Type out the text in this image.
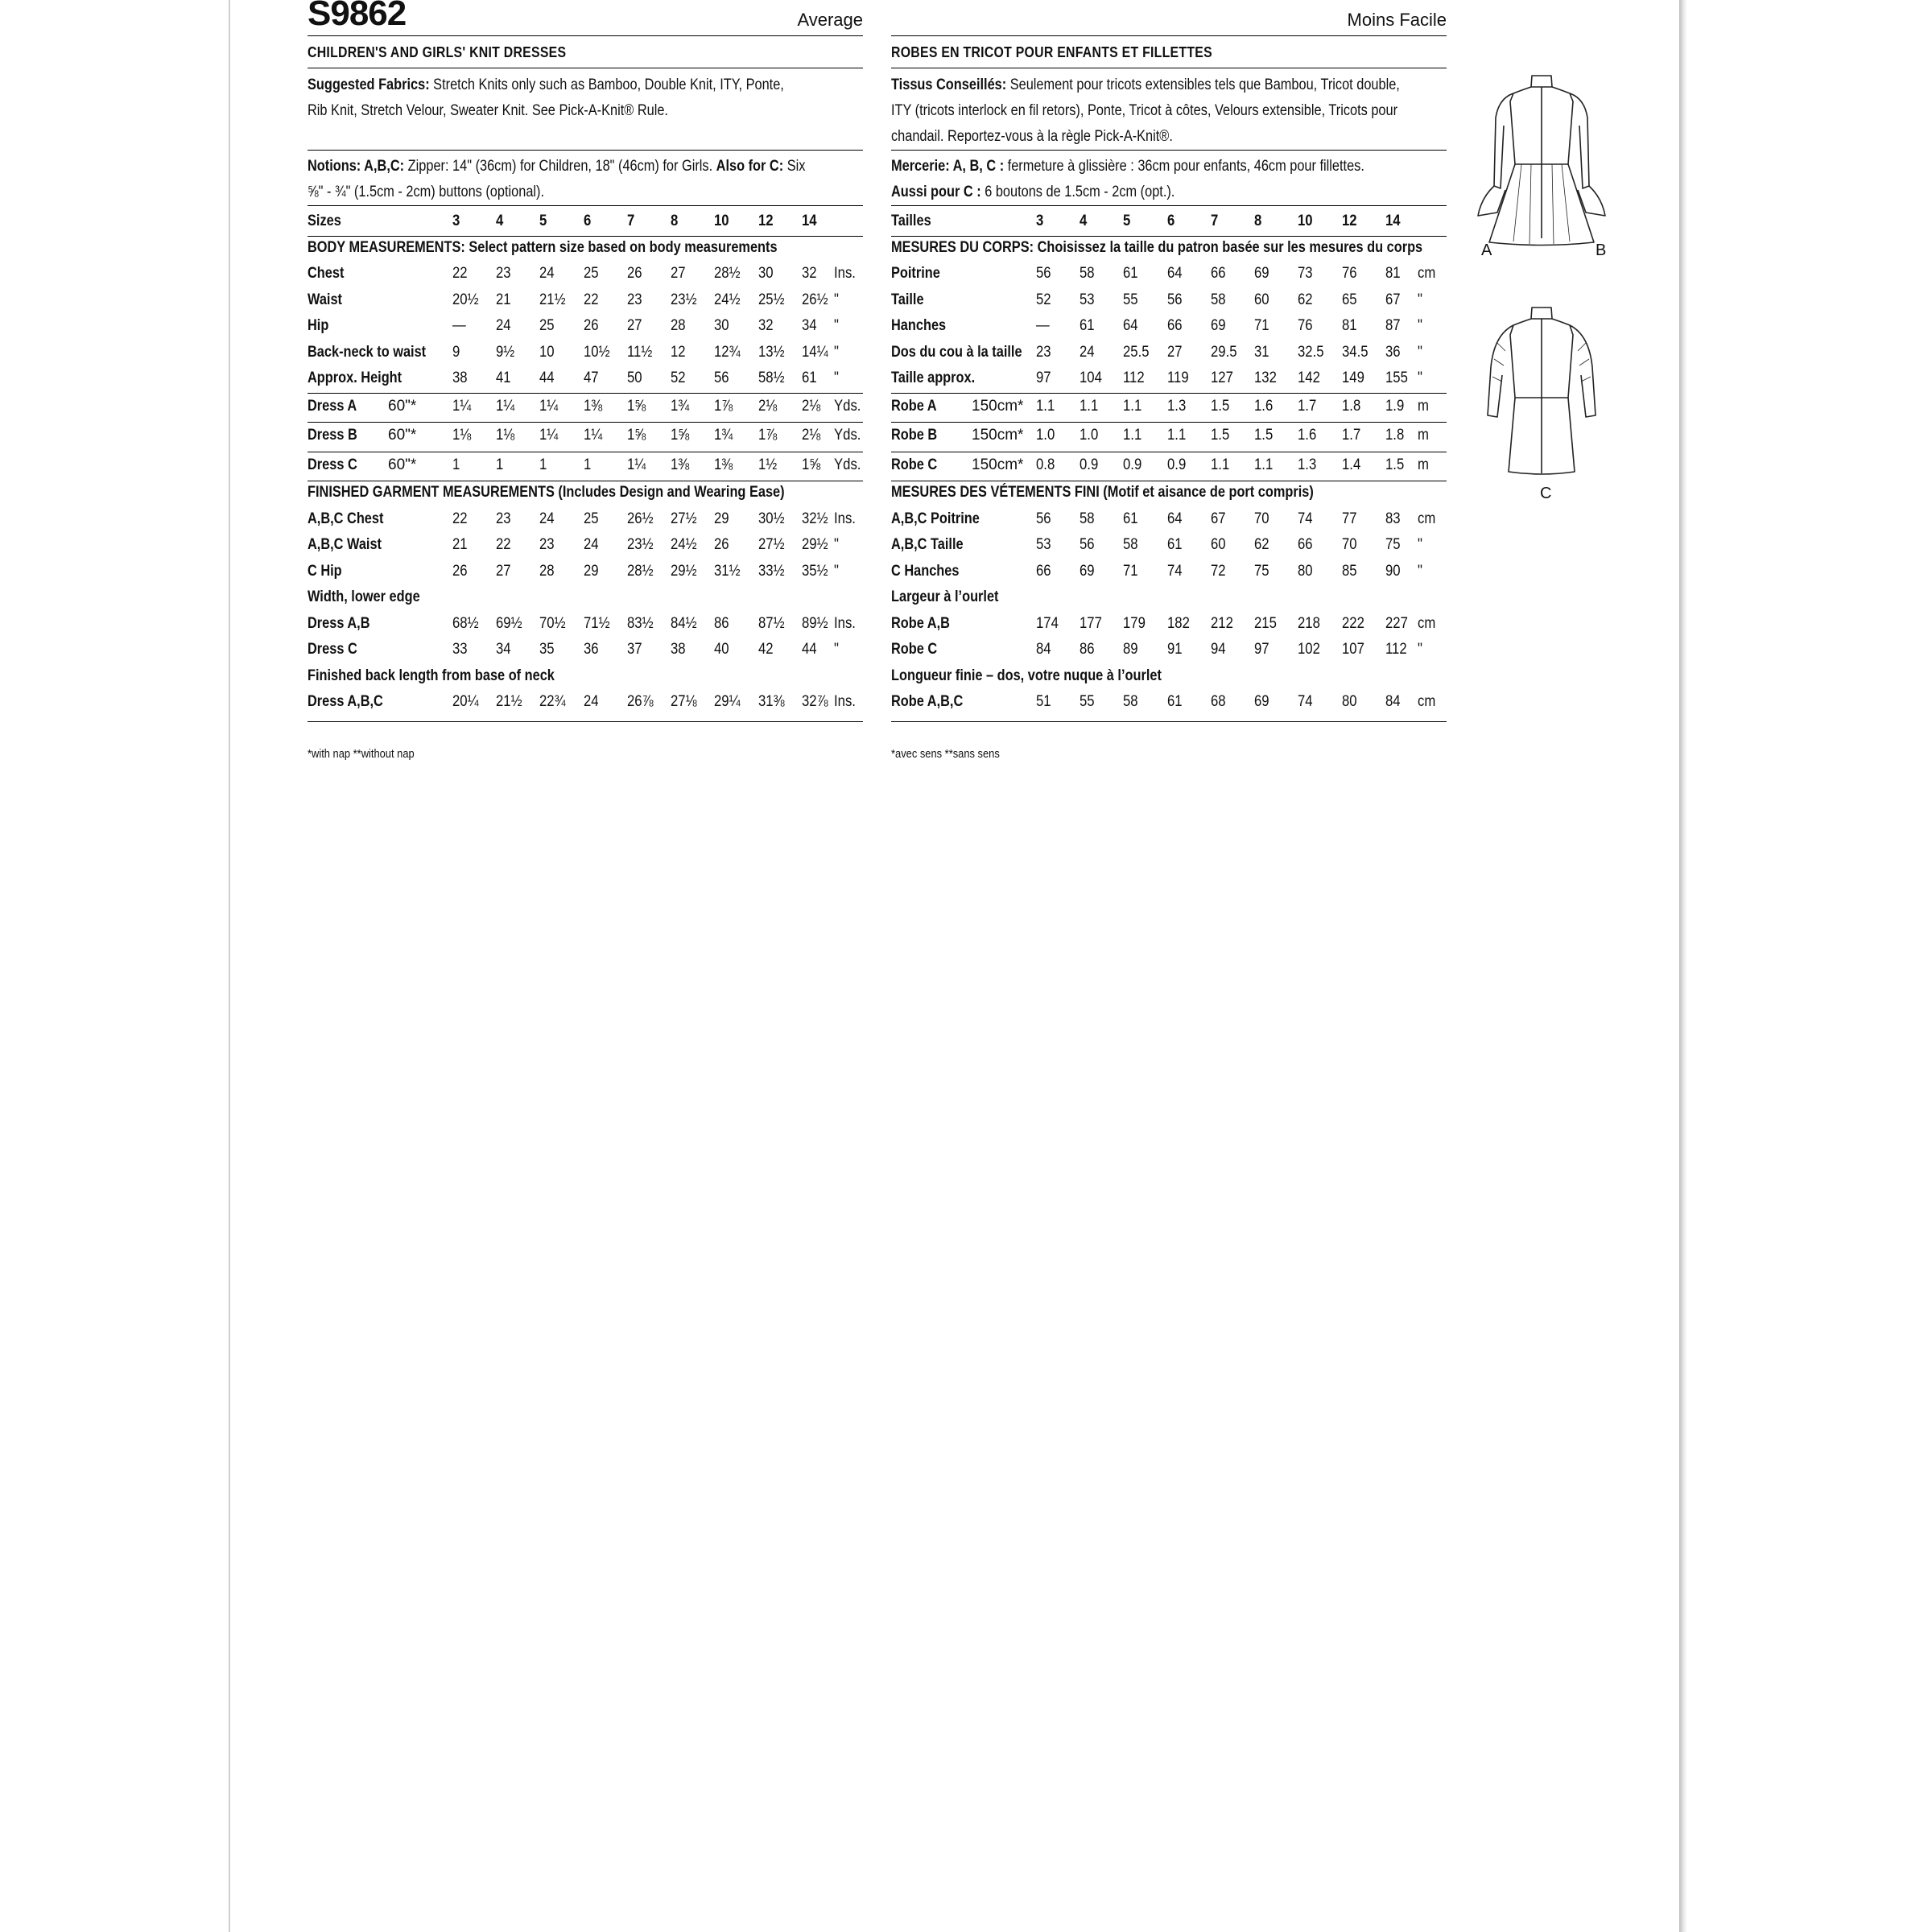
S9862	Average
CHILDREN'S AND GIRLS' KNIT DRESSES
Suggested Fabrics: Stretch Knits only such as Bamboo, Double Knit, ITY, Ponte,
Rib Knit, Stretch Velour, Sweater Knit. See Pick-A-Knit® Rule.
Notions: A,B,C: Zipper: 14" (36cm) for Children, 18" (46cm) for Girls. Also for C: Six
⅝" - ¾" (1.5cm - 2cm) buttons (optional).
Sizes	3 4 5 6 7 8 10 12 14
BODY MEASUREMENTS: Select pattern size based on body measurements
Chest	22 23 24 25 26 27 28½ 30 32 Ins.
Waist	20½ 21 21½ 22 23 23½ 24½ 25½ 26½ "
Hip	— 24 25 26 27 28 30 32 34 "
Back-neck to waist 9 9½ 10 10½ 11½ 12 12¾ 13½ 14¼ "
Approx. Height	38 41 44 47 50 52 56 58½ 61 "
Dress A 60"* 1¼ 1¼ 1¼ 1⅜ 1⅝ 1¾ 1⅞ 2⅛ 2⅛ Yds.
Dress B 60"* 1⅛ 1⅛ 1¼ 1¼ 1⅝ 1⅝ 1¾ 1⅞ 2⅛ Yds.
Dress C 60"* 1 1 1 1 1¼ 1⅜ 1⅜ 1½ 1⅝ Yds.
FINISHED GARMENT MEASUREMENTS (Includes Design and Wearing Ease)
A,B,C Chest	22 23 24 25 26½ 27½ 29 30½ 32½ Ins.
A,B,C Waist	21 22 23 24 23½ 24½ 26 27½ 29½ "
C Hip	26 27 28 29 28½ 29½ 31½ 33½ 35½ "
Width, lower edge
Dress A,B	68½ 69½ 70½ 71½ 83½ 84½ 86 87½ 89½ Ins.
Dress C	33 34 35 36 37 38 40 42 44 "
Finished back length from base of neck
Dress A,B,C	20¼ 21½ 22¾ 24 26⅞ 27⅛ 29¼ 31⅜ 32⅞ Ins.
*with nap **without nap
Moins Facile
ROBES EN TRICOT POUR ENFANTS ET FILLETTES
Tissus Conseillés: Seulement pour tricots extensibles tels que Bambou, Tricot double,
ITY (tricots interlock en fil retors), Ponte, Tricot à côtes, Velours extensible, Tricots pour
chandail. Reportez-vous à la règle Pick-A-Knit®.
Mercerie: A, B, C : fermeture à glissière : 36cm pour enfants, 46cm pour fillettes.
Aussi pour C : 6 boutons de 1.5cm - 2cm (opt.).
Tailles	3 4 5 6 7 8 10 12 14
MESURES DU CORPS: Choisissez la taille du patron basée sur les mesures du corps
Poitrine	56 58 61 64 66 69 73 76 81 cm
Taille	52 53 55 56 58 60 62 65 67 "
Hanches	— 61 64 66 69 71 76 81 87 "
Dos du cou à la taille 23 24 25.5 27 29.5 31 32.5 34.5 36 "
Taille approx.	97 104 112 119 127 132 142 149 155 "
Robe A 150cm* 1.1 1.1 1.1 1.3 1.5 1.6 1.7 1.8 1.9 m
Robe B 150cm* 1.0 1.0 1.1 1.1 1.5 1.5 1.6 1.7 1.8 m
Robe C 150cm* 0.8 0.9 0.9 0.9 1.1 1.1 1.3 1.4 1.5 m
MESURES DES VÉTEMENTS FINI (Motif et aisance de port compris)
A,B,C Poitrine	56 58 61 64 67 70 74 77 83 cm
A,B,C Taille	53 56 58 61 60 62 66 70 75 "
C Hanches	66 69 71 74 72 75 80 85 90 "
Largeur à l’ourlet
Robe A,B	174 177 179 182 212 215 218 222 227 cm
Robe C	84 86 89 91 94 97 102 107 112 "
Longueur finie – dos, votre nuque à l’ourlet
Robe A,B,C	51 55 58 61 68 69 74 80 84 cm
*avec sens **sans sens
A	B
C
